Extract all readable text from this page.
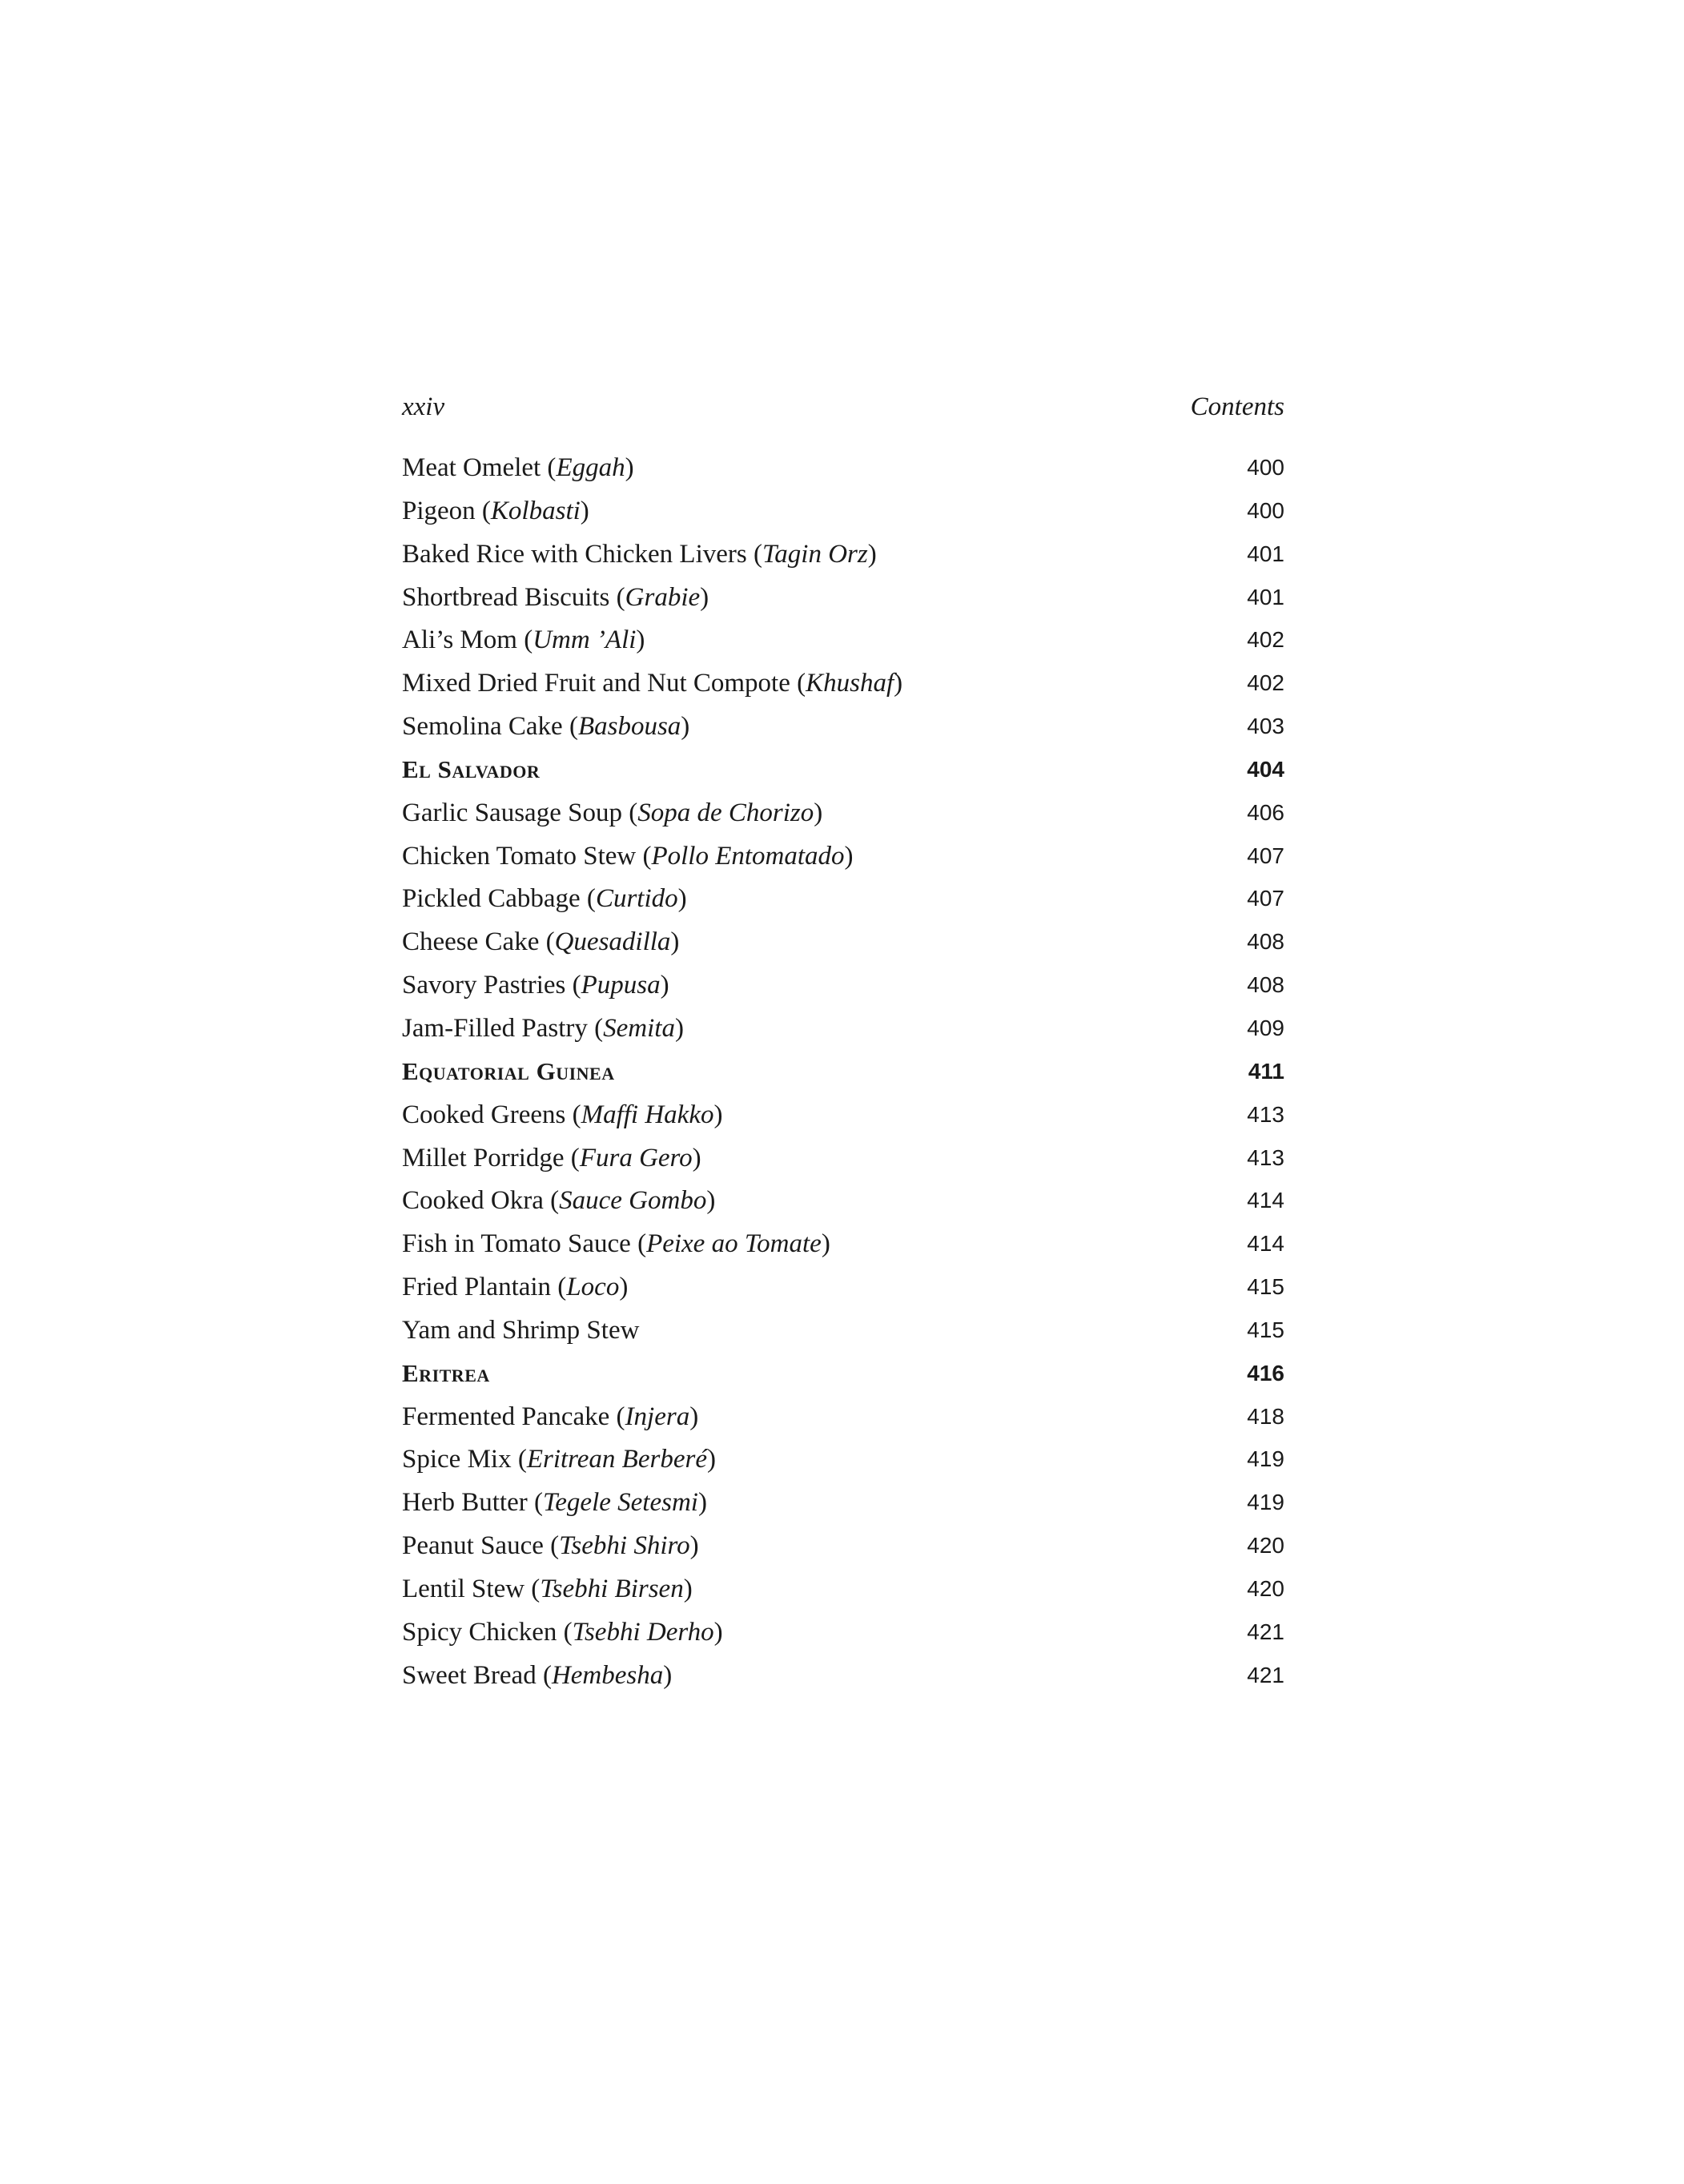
xxiv	Contents
Meat Omelet (Eggah)	400
Pigeon (Kolbasti)	400
Baked Rice with Chicken Livers (Tagin Orz)	401
Shortbread Biscuits (Grabie)	401
Ali’s Mom (Umm ’Ali)	402
Mixed Dried Fruit and Nut Compote (Khushaf)	402
Semolina Cake (Basbousa)	403
El Salvador	404
Garlic Sausage Soup (Sopa de Chorizo)	406
Chicken Tomato Stew (Pollo Entomatado)	407
Pickled Cabbage (Curtido)	407
Cheese Cake (Quesadilla)	408
Savory Pastries (Pupusa)	408
Jam-Filled Pastry (Semita)	409
Equatorial Guinea	411
Cooked Greens (Maffi Hakko)	413
Millet Porridge (Fura Gero)	413
Cooked Okra (Sauce Gombo)	414
Fish in Tomato Sauce (Peixe ao Tomate)	414
Fried Plantain (Loco)	415
Yam and Shrimp Stew	415
Eritrea	416
Fermented Pancake (Injera)	418
Spice Mix (Eritrean Berberé)	419
Herb Butter (Tegele Setesmi)	419
Peanut Sauce (Tsebhi Shiro)	420
Lentil Stew (Tsebhi Birsen)	420
Spicy Chicken (Tsebhi Derho)	421
Sweet Bread (Hembesha)	421
